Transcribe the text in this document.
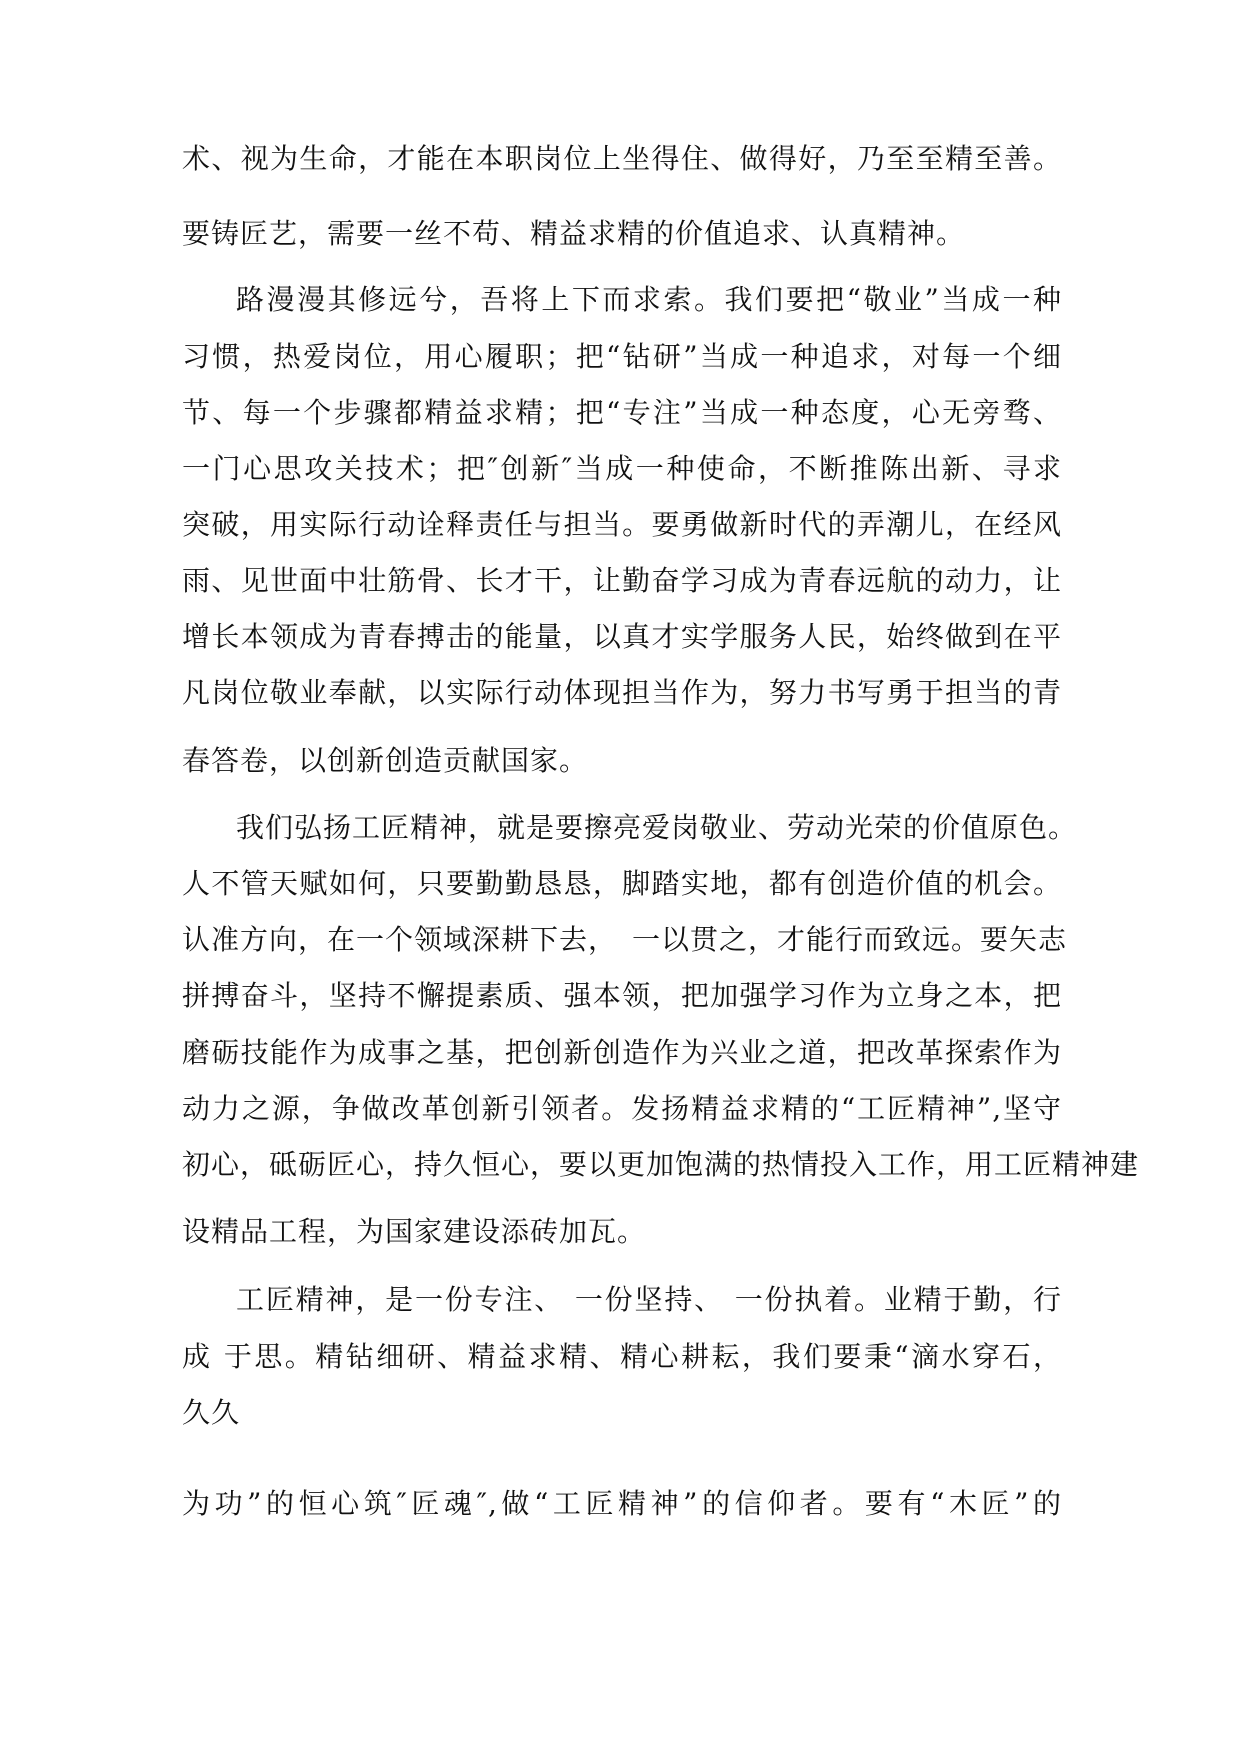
术、视为生命，才能在本职岗位上坐得住、做得好，乃至至精至善。
要铸匠艺，需要一丝不苟、精益求精的价值追求、认真精神。
路漫漫其修远兮，吾将上下而求索。我们要把“敬业”当成一种
习惯，热爱岗位，用心履职；把“钻研”当成一种追求，对每一个细
节、每一个步骤都精益求精；把“专注”当成一种态度，心无旁骛、
一门心思攻关技术；把″创新″当成一种使命，不断推陈出新、寻求
突破，用实际行动诠释责任与担当。要勇做新时代的弄潮儿，在经风
雨、见世面中壮筋骨、长才干，让勤奋学习成为青春远航的动力，让
增长本领成为青春搏击的能量，以真才实学服务人民，始终做到在平
凡岗位敬业奉献，以实际行动体现担当作为，努力书写勇于担当的青
春答卷，以创新创造贡献国家。
我们弘扬工匠精神，就是要擦亮爱岗敬业、劳动光荣的价值原色。
人不管天赋如何，只要勤勤恳恳，脚踏实地，都有创造价值的机会。
认准方向，在一个领域深耕下去，　一以贯之，才能行而致远。要矢志
拼搏奋斗，坚持不懈提素质、强本领，把加强学习作为立身之本，把
磨砺技能作为成事之基，把创新创造作为兴业之道，把改革探索作为
动力之源，争做改革创新引领者。发扬精益求精的“工匠精神”,坚守
初心，砥砺匠心，持久恒心，要以更加饱满的热情投入工作，用工匠精神建
设精品工程，为国家建设添砖加瓦。
工匠精神，是一份专注、 一份坚持、 一份执着。业精于勤，行
成 于思。精钻细研、精益求精、精心耕耘，我们要秉“滴水穿石，
久久
为功”的恒心筑″匠魂″,做“工匠精神”的信仰者。要有“木匠”的
